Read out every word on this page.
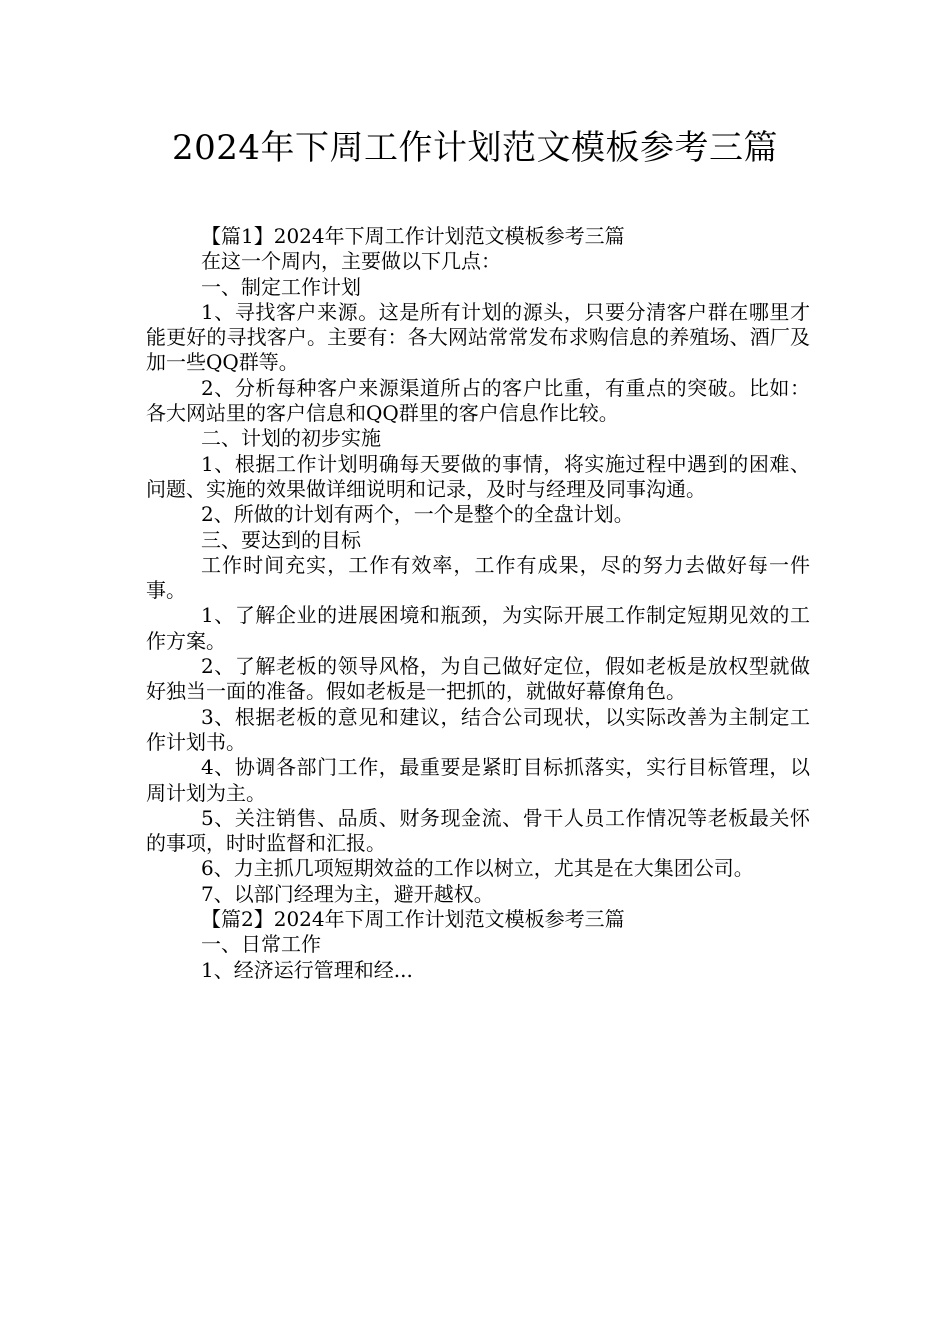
2024年下周工作计划范文模板参考三篇

【篇1】2024年下周工作计划范文模板参考三篇

在这一个周内，主要做以下几点：

一、制定工作计划

1、寻找客户来源。这是所有计划的源头，只要分清客户群在哪里才能更好的寻找客户。主要有：各大网站常常发布求购信息的养殖场、酒厂及加一些QQ群等。

2、分析每种客户来源渠道所占的客户比重，有重点的突破。比如：各大网站里的客户信息和QQ群里的客户信息作比较。

二、计划的初步实施

1、根据工作计划明确每天要做的事情，将实施过程中遇到的困难、问题、实施的效果做详细说明和记录，及时与经理及同事沟通。

2、所做的计划有两个，一个是整个的全盘计划。

三、要达到的目标

工作时间充实，工作有效率，工作有成果，尽的努力去做好每一件事。

1、了解企业的进展困境和瓶颈，为实际开展工作制定短期见效的工作方案。

2、了解老板的领导风格，为自己做好定位，假如老板是放权型就做好独当一面的准备。假如老板是一把抓的，就做好幕僚角色。

3、根据老板的意见和建议，结合公司现状，以实际改善为主制定工作计划书。

4、协调各部门工作，最重要是紧盯目标抓落实，实行目标管理，以周计划为主。

5、关注销售、品质、财务现金流、骨干人员工作情况等老板最关怀的事项，时时监督和汇报。

6、力主抓几项短期效益的工作以树立，尤其是在大集团公司。

7、以部门经理为主，避开越权。

【篇2】2024年下周工作计划范文模板参考三篇

一、日常工作

1、经济运行管理和经...
